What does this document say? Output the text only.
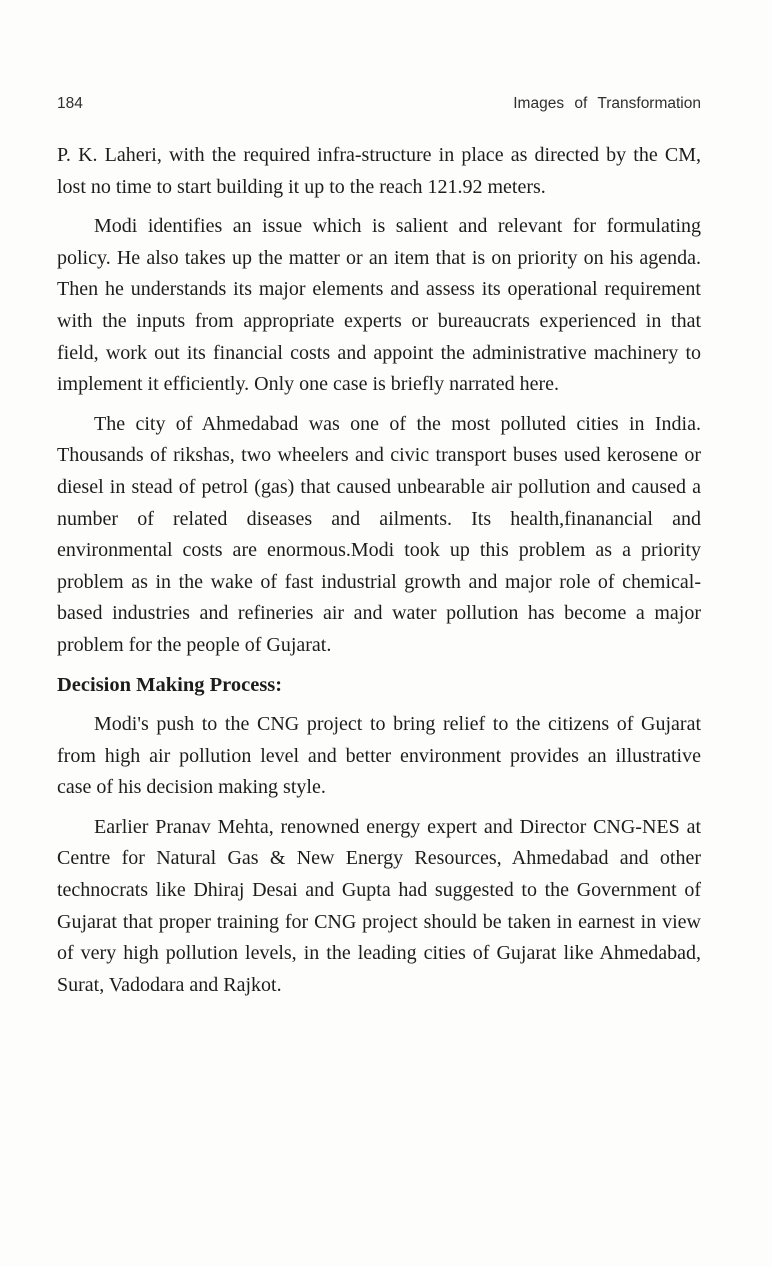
184	Images of Transformation

P. K. Laheri, with the required infra-structure in place as directed by the CM, lost no time to start building it up to the reach 121.92 meters.

Modi identifies an issue which is salient and relevant for formulating policy. He also takes up the matter or an item that is on priority on his agenda. Then he understands its major elements and assess its operational requirement with the inputs from appropriate experts or bureaucrats experienced in that field, work out its financial costs and appoint the administrative machinery to implement it efficiently. Only one case is briefly narrated here.

The city of Ahmedabad was one of the most polluted cities in India. Thousands of rikshas, two wheelers and civic transport buses used kerosene or diesel in stead of petrol (gas) that caused unbearable air pollution and caused a number of related diseases and ailments. Its health,finanancial and environmental costs are enormous.Modi took up this problem as a priority problem as in the wake of fast industrial growth and major role of chemical-based industries and refineries air and water pollution has become a major problem for the people of Gujarat.

Decision Making Process:

Modi's push to the CNG project to bring relief to the citizens of Gujarat from high air pollution level and better environment provides an illustrative case of his decision making style.

Earlier Pranav Mehta, renowned energy expert and Director CNG-NES at Centre for Natural Gas & New Energy Resources, Ahmedabad and other technocrats like Dhiraj Desai and Gupta had suggested to the Government of Gujarat that proper training for CNG project should be taken in earnest in view of very high pollution levels, in the leading cities of Gujarat like Ahmedabad, Surat, Vadodara and Rajkot.
